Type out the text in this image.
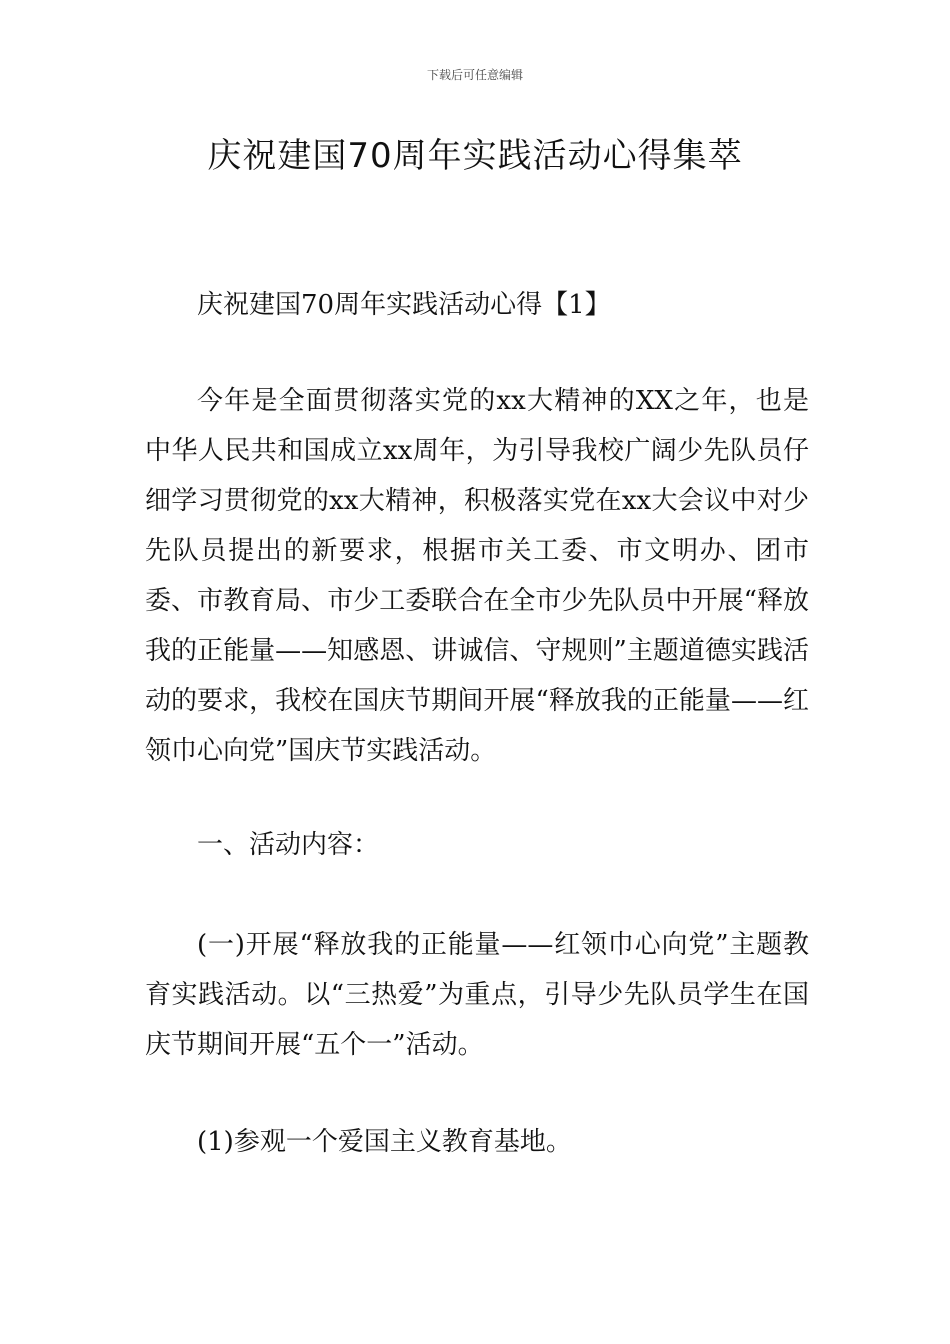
下载后可任意编辑
庆祝建国70周年实践活动心得集萃

庆祝建国70周年实践活动心得【1】

今年是全面贯彻落实党的xx大精神的XX之年，也是中华人民共和国成立xx周年，为引导我校广阔少先队员仔细学习贯彻党的xx大精神，积极落实党在xx大会议中对少先队员提出的新要求，根据市关工委、市文明办、团市委、市教育局、市少工委联合在全市少先队员中开展“释放我的正能量——知感恩、讲诚信、守规则”主题道德实践活动的要求，我校在国庆节期间开展“释放我的正能量——红领巾心向党”国庆节实践活动。

一、活动内容：

(一)开展“释放我的正能量——红领巾心向党”主题教育实践活动。以“三热爱”为重点，引导少先队员学生在国庆节期间开展“五个一”活动。

(1)参观一个爱国主义教育基地。
